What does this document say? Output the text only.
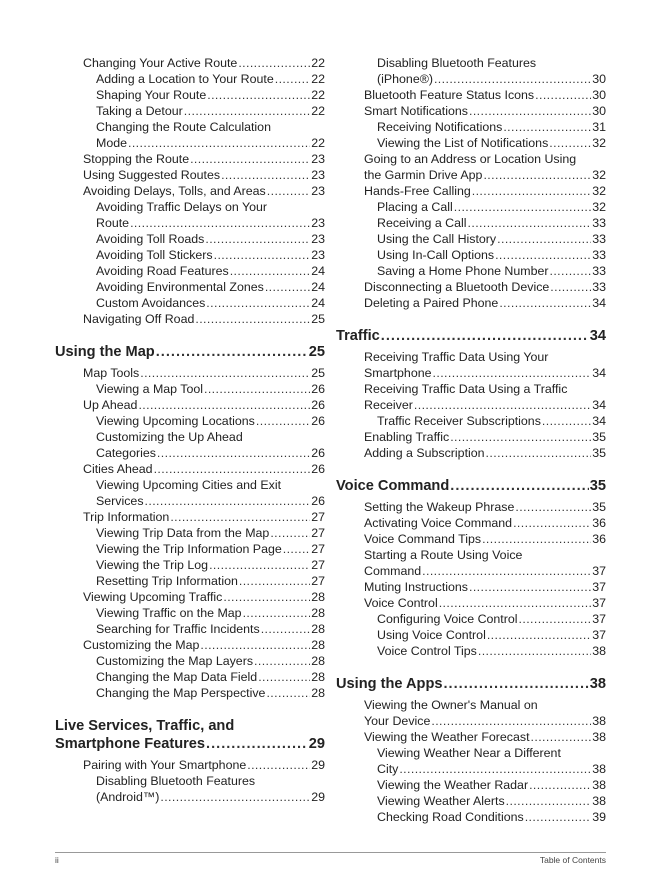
Changing Your Active Route .....	22
Adding a Location to Your Route .....	22
Shaping Your Route .....	22
Taking a Detour .....	22
Changing the Route Calculation
Mode .....	22
Stopping the Route .....	23
Using Suggested Routes .....	23
Avoiding Delays, Tolls, and Areas .....	23
Avoiding Traffic Delays on Your
Route .....	23
Avoiding Toll Roads .....	23
Avoiding Toll Stickers .....	23
Avoiding Road Features .....	24
Avoiding Environmental Zones .....	24
Custom Avoidances .....	24
Navigating Off Road .....	25
Using the Map .....	25
Map Tools .....	25
Viewing a Map Tool .....	26
Up Ahead .....	26
Viewing Upcoming Locations .....	26
Customizing the Up Ahead
Categories .....	26
Cities Ahead .....	26
Viewing Upcoming Cities and Exit
Services .....	26
Trip Information .....	27
Viewing Trip Data from the Map .....	27
Viewing the Trip Information Page ..... 27
Viewing the Trip Log .....	27
Resetting Trip Information .....	27
Viewing Upcoming Traffic .....	28
Viewing Traffic on the Map .....	28
Searching for Traffic Incidents .....	28
Customizing the Map .....	28
Customizing the Map Layers .....	28
Changing the Map Data Field .....	28
Changing the Map Perspective .....	28
Live Services, Traffic, and
Smartphone Features .....	29
Pairing with Your Smartphone .....	29
Disabling Bluetooth Features
(Android™) .....	29
Disabling Bluetooth Features
(iPhone®) .....	30
Bluetooth Feature Status Icons .....	30
Smart Notifications .....	30
Receiving Notifications .....	31
Viewing the List of Notifications .....	32
Going to an Address or Location Using
the Garmin Drive App .....	32
Hands-Free Calling .....	32
Placing a Call .....	32
Receiving a Call .....	33
Using the Call History .....	33
Using In-Call Options .....	33
Saving a Home Phone Number .....	33
Disconnecting a Bluetooth Device .....	33
Deleting a Paired Phone .....	34
Traffic .....	34
Receiving Traffic Data Using Your
Smartphone .....	34
Receiving Traffic Data Using a Traffic
Receiver .....	34
Traffic Receiver Subscriptions .....	34
Enabling Traffic .....	35
Adding a Subscription .....	35
Voice Command .....	35
Setting the Wakeup Phrase .....	35
Activating Voice Command .....	36
Voice Command Tips .....	36
Starting a Route Using Voice
Command .....	37
Muting Instructions .....	37
Voice Control .....	37
Configuring Voice Control .....	37
Using Voice Control .....	37
Voice Control Tips .....	38
Using the Apps .....	38
Viewing the Owner's Manual on
Your Device .....	38
Viewing the Weather Forecast .....	38
Viewing Weather Near a Different
City .....	38
Viewing the Weather Radar .....	38
Viewing Weather Alerts .....	38
Checking Road Conditions .....	39
ii	Table of Contents
